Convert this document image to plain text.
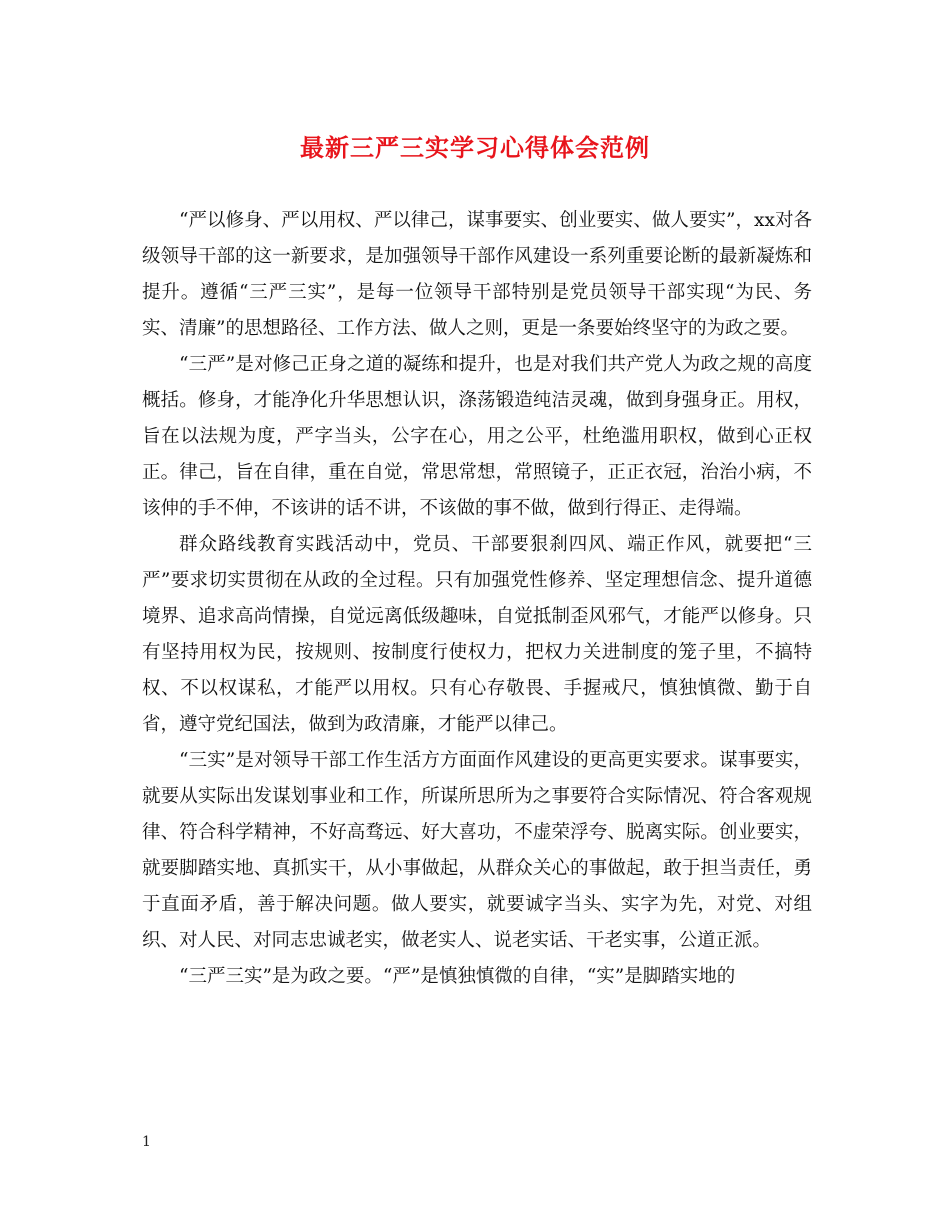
最新三严三实学习心得体会范例

“严以修身、严以用权、严以律己，谋事要实、创业要实、做人要实”，xx对各级领导干部的这一新要求，是加强领导干部作风建设一系列重要论断的最新凝炼和提升。遵循“三严三实”，是每一位领导干部特别是党员领导干部实现“为民、务实、清廉”的思想路径、工作方法、做人之则，更是一条要始终坚守的为政之要。

“三严”是对修己正身之道的凝练和提升，也是对我们共产党人为政之规的高度概括。修身，才能净化升华思想认识，涤荡锻造纯洁灵魂，做到身强身正。用权，旨在以法规为度，严字当头，公字在心，用之公平，杜绝滥用职权，做到心正权正。律己，旨在自律，重在自觉，常思常想，常照镜子，正正衣冠，治治小病，不该伸的手不伸，不该讲的话不讲，不该做的事不做，做到行得正、走得端。

群众路线教育实践活动中，党员、干部要狠刹四风、端正作风，就要把“三严”要求切实贯彻在从政的全过程。只有加强党性修养、坚定理想信念、提升道德境界、追求高尚情操，自觉远离低级趣味，自觉抵制歪风邪气，才能严以修身。只有坚持用权为民，按规则、按制度行使权力，把权力关进制度的笼子里，不搞特权、不以权谋私，才能严以用权。只有心存敬畏、手握戒尺，慎独慎微、勤于自省，遵守党纪国法，做到为政清廉，才能严以律己。

“三实”是对领导干部工作生活方方面面作风建设的更高更实要求。谋事要实，就要从实际出发谋划事业和工作，所谋所思所为之事要符合实际情况、符合客观规律、符合科学精神，不好高骛远、好大喜功，不虚荣浮夸、脱离实际。创业要实，就要脚踏实地、真抓实干，从小事做起，从群众关心的事做起，敢于担当责任，勇于直面矛盾，善于解决问题。做人要实，就要诚字当头、实字为先，对党、对组织、对人民、对同志忠诚老实，做老实人、说老实话、干老实事，公道正派。

“三严三实”是为政之要。“严”是慎独慎微的自律，“实”是脚踏实地的

1
